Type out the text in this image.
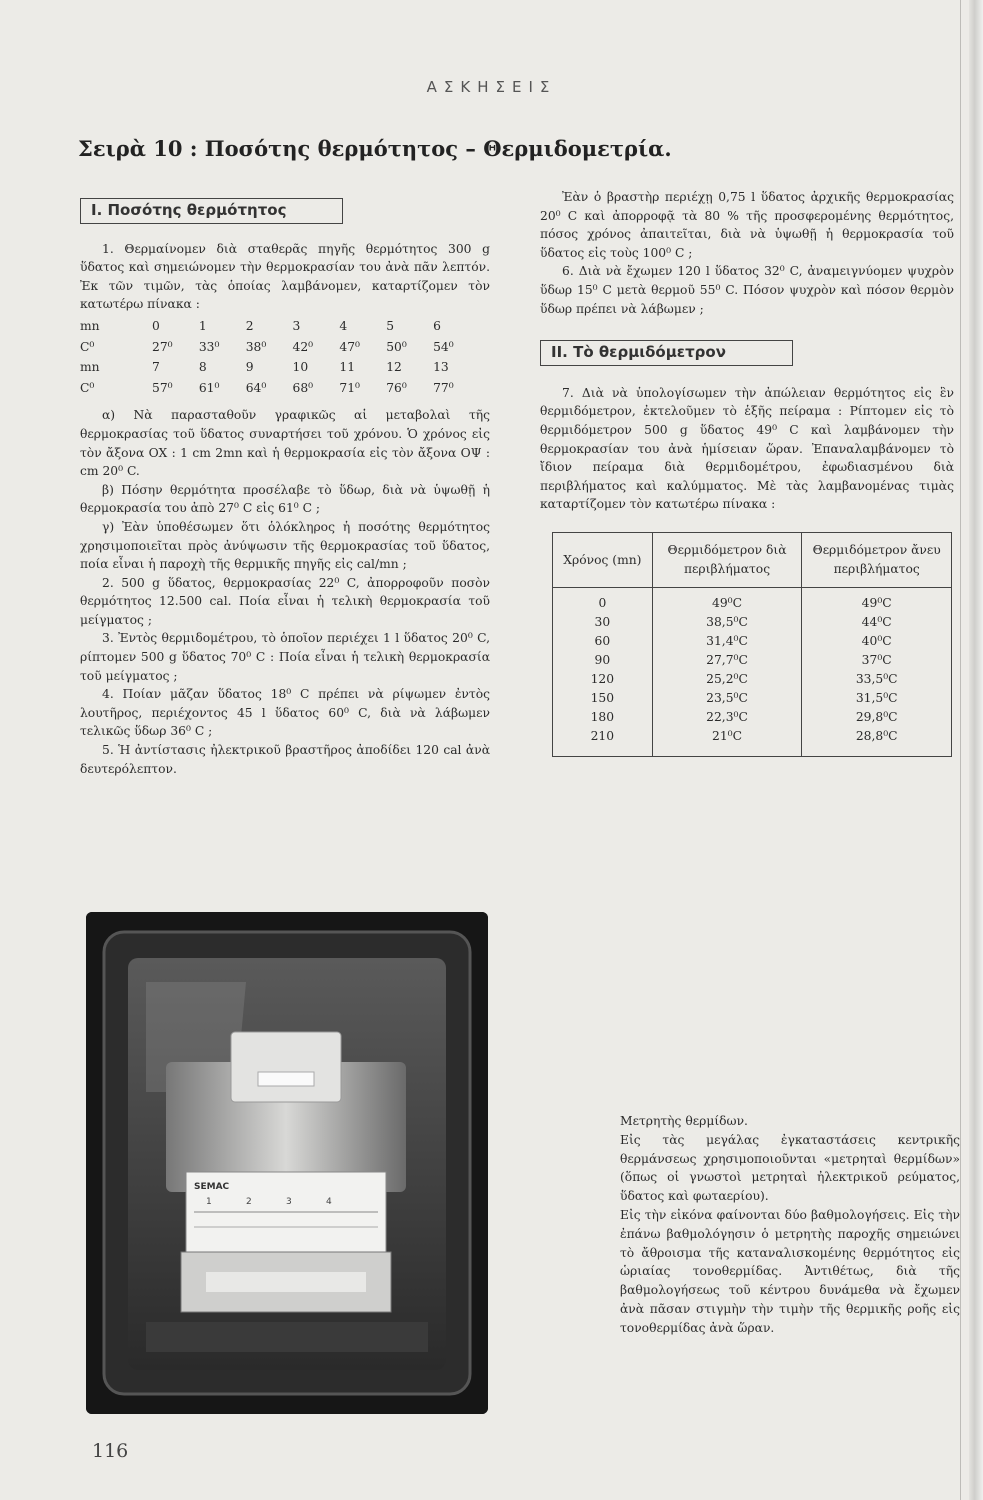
ΑΣΚΗΣΕΙΣ
Σειρὰ 10 : Ποσότης θερμότητος – Θερμιδομετρία.
I. Ποσότης θερμότητος

1. Θερμαίνομεν διὰ σταθερᾶς πηγῆς θερμότητος 300 g ὕδατος καὶ σημειώνομεν τὴν θερμοκρασίαν του ἀνὰ πᾶν λεπτόν. Ἐκ τῶν τιμῶν, τὰς ὁποίας λαμβάνομεν, καταρτίζομεν τὸν κατωτέρω πίνακα :

mn	0	1	2	3	4	5	6
C⁰	27⁰	33⁰	38⁰	42⁰	47⁰	50⁰	54⁰
mn	7	8	9	10	11	12	13
C⁰	57⁰	61⁰	64⁰	68⁰	71⁰	76⁰	77⁰

α) Νὰ παρασταθοῦν γραφικῶς αἱ μεταβολαὶ τῆς θερμοκρασίας τοῦ ὕδατος συναρτήσει τοῦ χρόνου. Ὁ χρόνος εἰς τὸν ἄξονα OX : 1 cm 2mn καὶ ἡ θερμοκρασία εἰς τὸν ἄξονα OΨ : cm 20⁰ C.

β) Πόσην θερμότητα προσέλαβε τὸ ὕδωρ, διὰ νὰ ὑψωθῇ ἡ θερμοκρασία του ἀπὸ 27⁰ C εἰς 61⁰ C ;

γ) Ἐὰν ὑποθέσωμεν ὅτι ὁλόκληρος ἡ ποσότης θερμότητος χρησιμοποιεῖται πρὸς ἀνύψωσιν τῆς θερμοκρασίας τοῦ ὕδατος, ποία εἶναι ἡ παροχὴ τῆς θερμικῆς πηγῆς εἰς cal/mn ;

2. 500 g ὕδατος, θερμοκρασίας 22⁰ C, ἀπορροφοῦν ποσὸν θερμότητος 12.500 cal. Ποία εἶναι ἡ τελικὴ θερμοκρασία τοῦ μείγματος ;

3. Ἐντὸς θερμιδομέτρου, τὸ ὁποῖον περιέχει 1 l ὕδατος 20⁰ C, ρίπτομεν 500 g ὕδατος 70⁰ C : Ποία εἶναι ἡ τελικὴ θερμοκρασία τοῦ μείγματος ;

4. Ποίαν μᾶζαν ὕδατος 18⁰ C πρέπει νὰ ρίψωμεν ἐντὸς λουτῆρος, περιέχοντος 45 l ὕδατος 60⁰ C, διὰ νὰ λάβωμεν τελικῶς ὕδωρ 36⁰ C ;

5. Ἡ ἀντίστασις ἠλεκτρικοῦ βραστῆρος ἀποδίδει 120 cal ἀνὰ δευτερόλεπτον.

Ἐὰν ὁ βραστὴρ περιέχῃ 0,75 l ὕδατος ἀρχικῆς θερμοκρασίας 20⁰ C καὶ ἀπορροφᾷ τὰ 80 % τῆς προσφερομένης θερμότητος, πόσος χρόνος ἀπαιτεῖται, διὰ νὰ ὑψωθῇ ἡ θερμοκρασία τοῦ ὕδατος εἰς τοὺς 100⁰ C ;

6. Διὰ νὰ ἔχωμεν 120 l ὕδατος 32⁰ C, ἀναμειγνύομεν ψυχρὸν ὕδωρ 15⁰ C μετὰ θερμοῦ 55⁰ C. Πόσον ψυχρὸν καὶ πόσον θερμὸν ὕδωρ πρέπει νὰ λάβωμεν ;

II. Τὸ θερμιδόμετρον

7. Διὰ νὰ ὑπολογίσωμεν τὴν ἀπώλειαν θερμότητος εἰς ἓν θερμιδόμετρον, ἐκτελοῦμεν τὸ ἑξῆς πείραμα : Ρίπτομεν εἰς τὸ θερμιδόμετρον 500 g ὕδατος 49⁰ C καὶ λαμβάνομεν τὴν θερμοκρασίαν του ἀνὰ ἡμίσειαν ὥραν. Ἐπαναλαμβάνομεν τὸ ἴδιον πείραμα διὰ θερμιδομέτρου, ἐφωδιασμένου διὰ περιβλήματος καὶ καλύμματος. Μὲ τὰς λαμβανομένας τιμὰς καταρτίζομεν τὸν κατωτέρω πίνακα :

Χρόνος (mn)	Θερμιδόμετρον διὰ περιβλήματος	Θερμιδόμετρον ἄνευ περιβλήματος
0	49⁰C	49⁰C
30	38,5⁰C	44⁰C
60	31,4⁰C	40⁰C
90	27,7⁰C	37⁰C
120	25,2⁰C	33,5⁰C
150	23,5⁰C	31,5⁰C
180	22,3⁰C	29,8⁰C
210	21⁰C	28,8⁰C
SEMAC
1	2	3	4

Μετρητὴς θερμίδων.

Εἰς τὰς μεγάλας ἐγκαταστάσεις κεντρικῆς θερμάνσεως χρησιμοποιοῦνται «μετρηταὶ θερμίδων» (ὅπως οἱ γνωστοὶ μετρηταὶ ἠλεκτρικοῦ ρεύματος, ὕδατος καὶ φωταερίου).

Εἰς τὴν εἰκόνα φαίνονται δύο βαθμολογήσεις. Εἰς τὴν ἐπάνω βαθμολόγησιν ὁ μετρητὴς παροχῆς σημειώνει τὸ ἄθροισμα τῆς καταναλισκομένης θερμότητος εἰς ὡριαίας τονοθερμίδας. Ἀντιθέτως, διὰ τῆς βαθμολογήσεως τοῦ κέντρου δυνάμεθα νὰ ἔχωμεν ἀνὰ πᾶσαν στιγμὴν τὴν τιμὴν τῆς θερμικῆς ροῆς εἰς τονοθερμίδας ἀνὰ ὥραν.

116
